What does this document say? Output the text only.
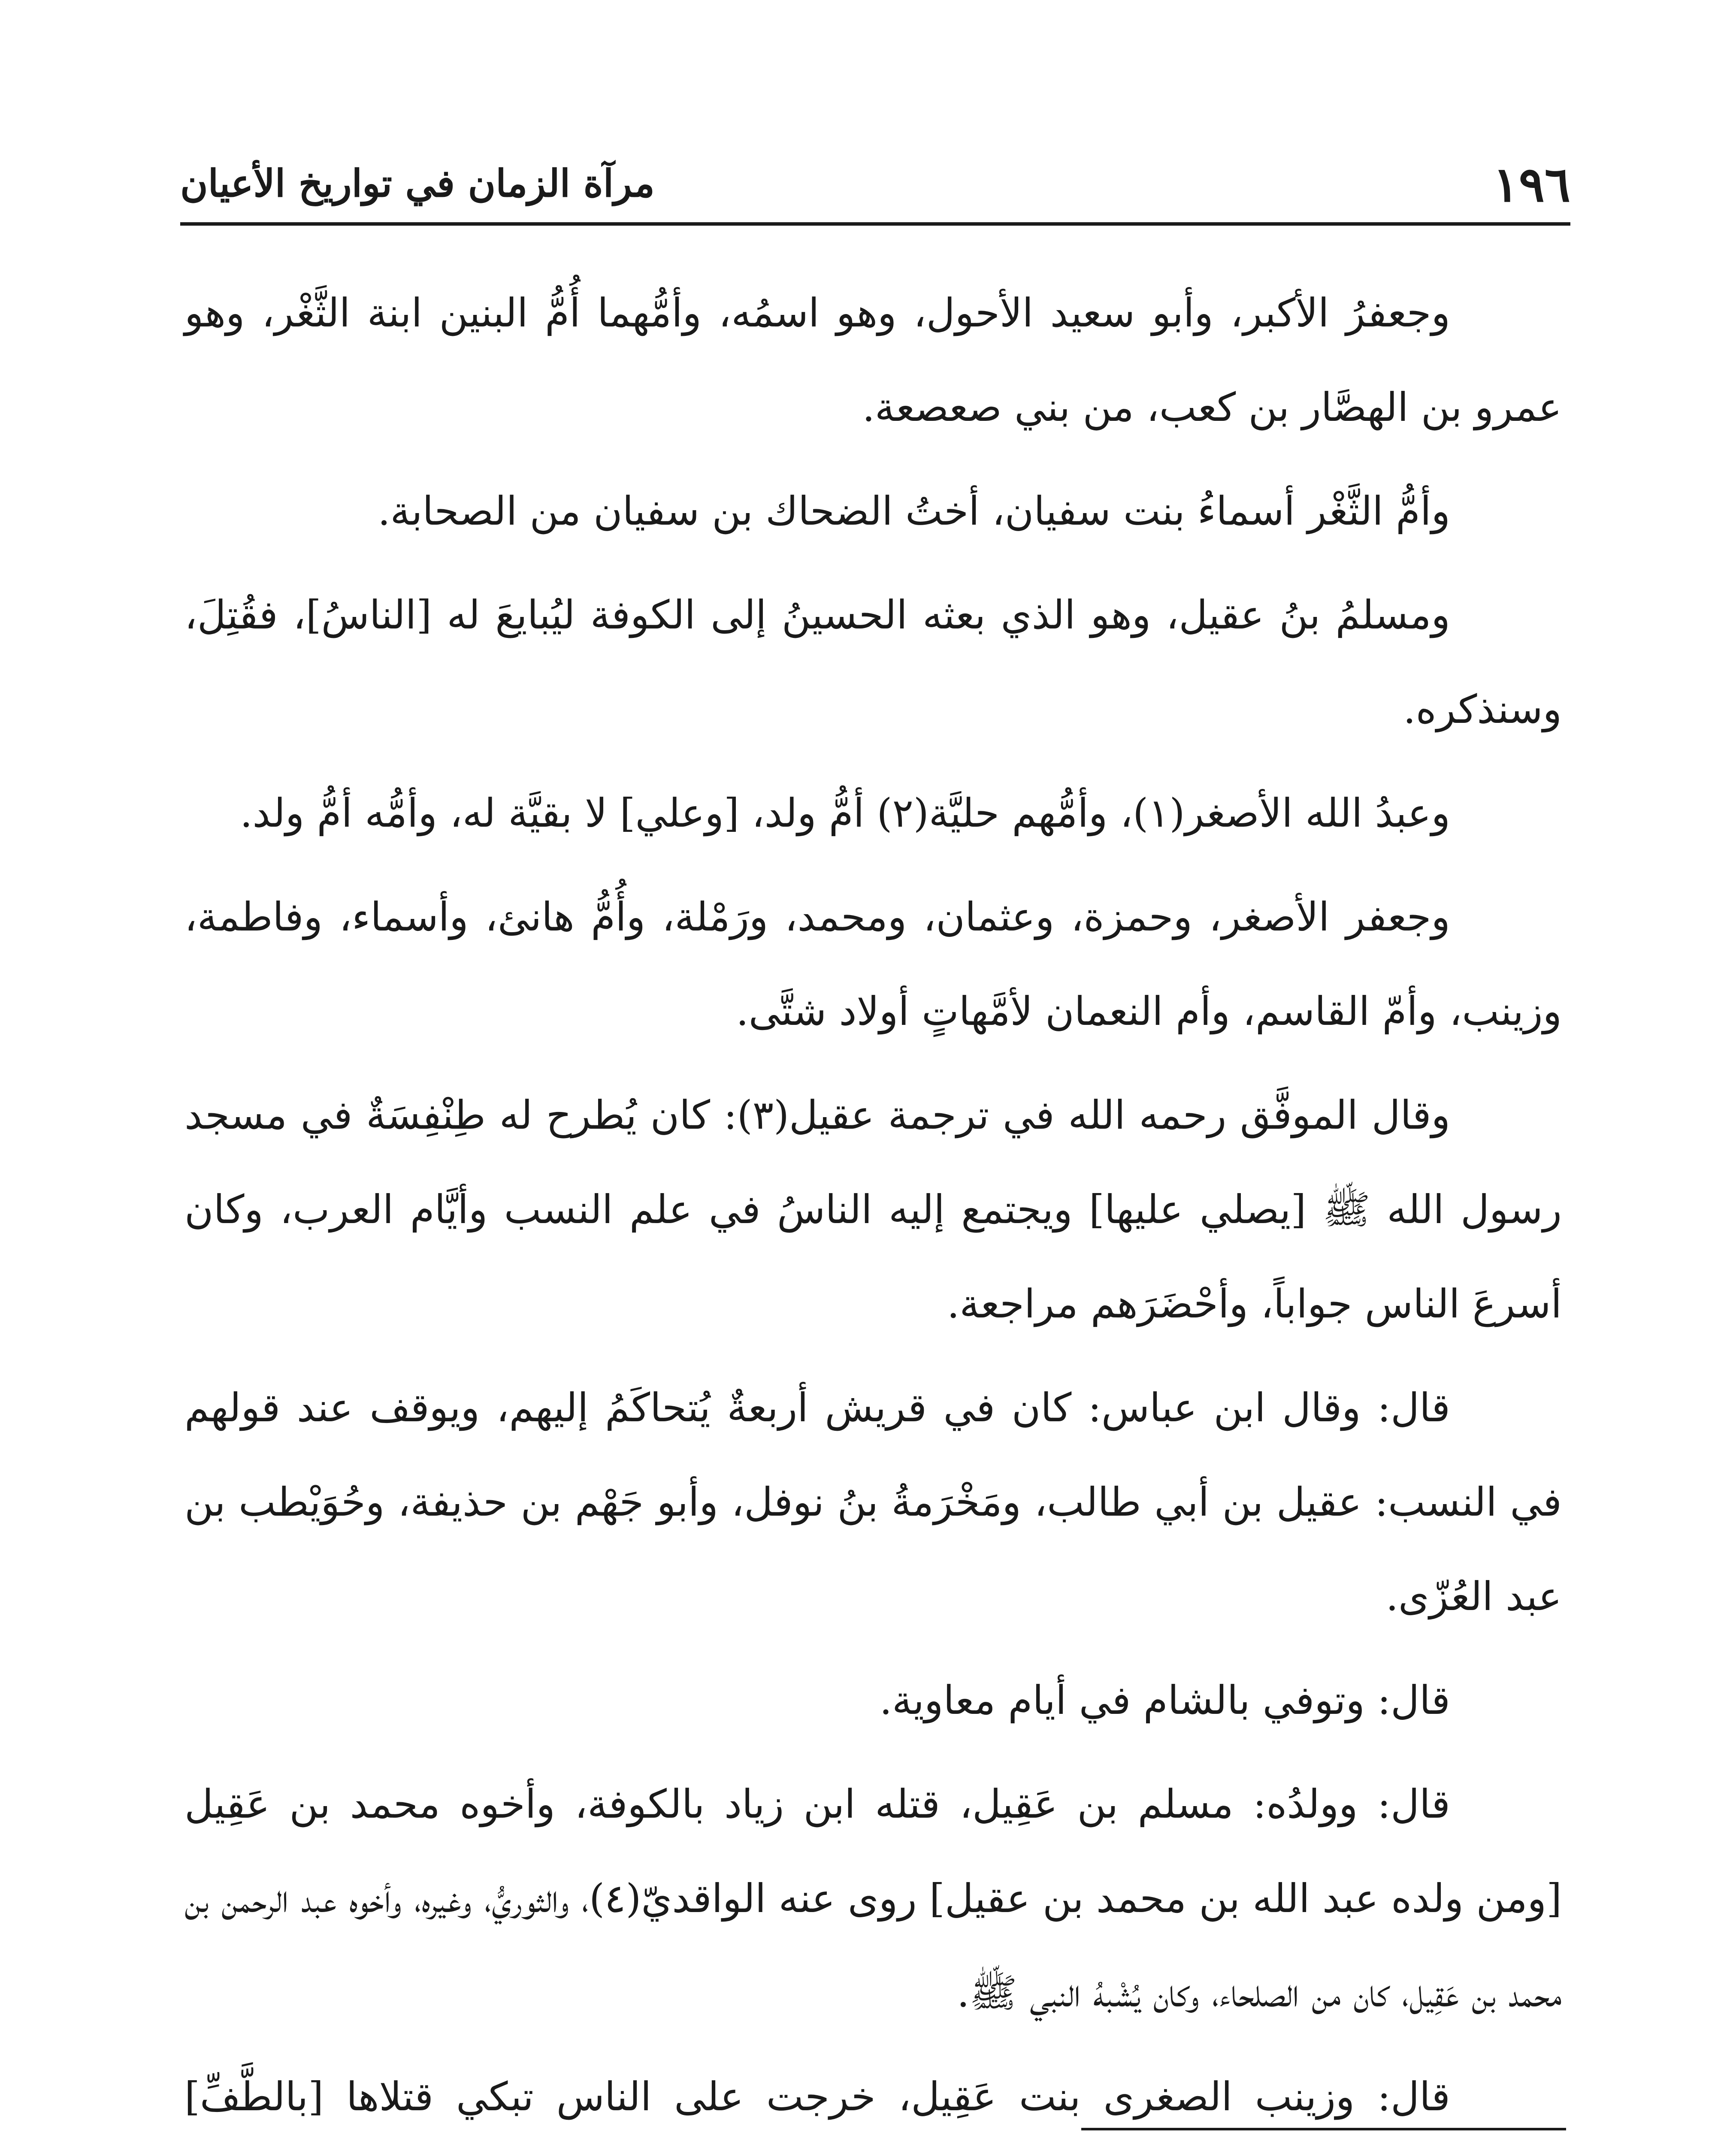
١٩٦
مرآة الزمان في تواريخ الأعيان

وجعفرُ الأكبر، وأبو سعيد الأحول، وهو اسمُه، وأمُّهما أُمُّ البنين ابنة الثَّغْر، وهو عمرو بن الهصَّار بن كعب، من بني صعصعة.

وأمُّ الثَّغْر أسماءُ بنت سفيان، أختُ الضحاك بن سفيان من الصحابة.

ومسلمُ بنُ عقيل، وهو الذي بعثه الحسينُ إلى الكوفة ليُبايعَ له [الناسُ]، فقُتِلَ، وسنذكره.

وعبدُ الله الأصغر(١)، وأمُّهم حليَّة(٢) أمُّ ولد، [وعلي] لا بقيَّة له، وأمُّه أمُّ ولد.

وجعفر الأصغر، وحمزة، وعثمان، ومحمد، ورَمْلة، وأُمُّ هانئ، وأسماء، وفاطمة، وزينب، وأمّ القاسم، وأم النعمان لأمَّهاتٍ أولاد شتَّى.

وقال الموفَّق رحمه الله في ترجمة عقيل(٣): كان يُطرح له طِنْفِسَةٌ في مسجد رسول الله ﷺ [يصلي عليها] ويجتمع إليه الناسُ في علم النسب وأيَّام العرب، وكان أسرعَ الناس جواباً، وأحْضَرَهم مراجعة.

قال: وقال ابن عباس: كان في قريش أربعةٌ يُتحاكَمُ إليهم، ويوقف عند قولهم في النسب: عقيل بن أبي طالب، ومَخْرَمةُ بنُ نوفل، وأبو جَهْم بن حذيفة، وحُوَيْطب بن عبد العُزّى.

قال: وتوفي بالشام في أيام معاوية.

قال: وولدُه: مسلم بن عَقِيل، قتله ابن زياد بالكوفة، وأخوه محمد بن عَقِيل [ومن ولده عبد الله بن محمد بن عقيل] روى عنه الواقديّ(٤)، والثوريُّ، وغيره، وأخوه عبد الرحمن بن محمد بن عَقِيل، كان من الصلحاء، وكان يُشْبهُ النبي ﷺ.

قال: وزينب الصغرى بنت عَقِيل، خرجت على الناس تبكي قتلاها [بالطَّفِّ]
